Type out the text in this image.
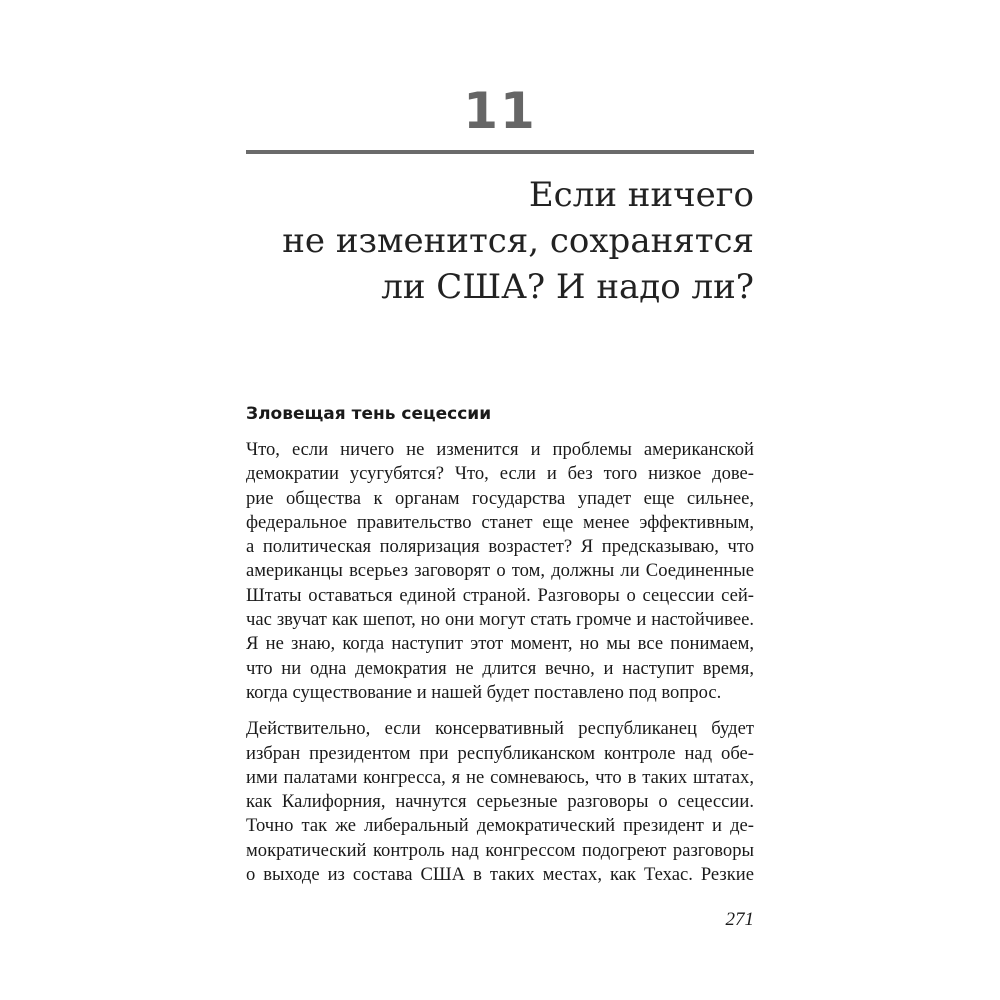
11
Если ничего
не изменится, сохранятся
ли США? И надо ли?
Зловещая тень сецессии

Что, если ничего не изменится и проблемы американской
демократии усугубятся? Что, если и без того низкое дове-
рие общества к органам государства упадет еще сильнее,
федеральное правительство станет еще менее эффективным,
а политическая поляризация возрастет? Я предсказываю, что
американцы всерьез заговорят о том, должны ли Соединенные
Штаты оставаться единой страной. Разговоры о сецессии сей-
час звучат как шепот, но они могут стать громче и настойчивее.
Я не знаю, когда наступит этот момент, но мы все понимаем,
что ни одна демократия не длится вечно, и наступит время,
когда существование и нашей будет поставлено под вопрос.

Действительно, если консервативный республиканец будет
избран президентом при республиканском контроле над обе-
ими палатами конгресса, я не сомневаюсь, что в таких штатах,
как Калифорния, начнутся серьезные разговоры о сецессии.
Точно так же либеральный демократический президент и де-
мократический контроль над конгрессом подогреют разговоры
о выходе из состава США в таких местах, как Техас. Резкие

271
